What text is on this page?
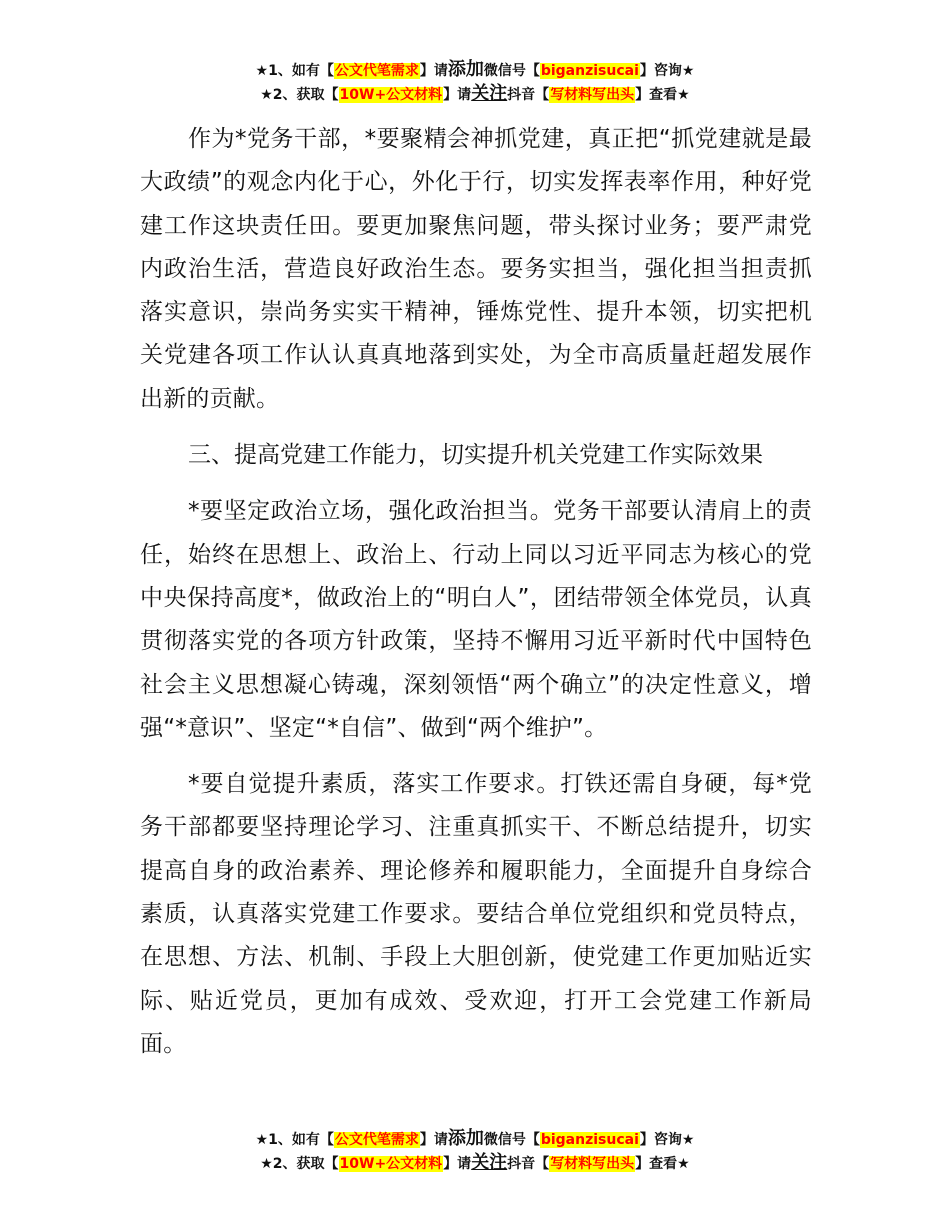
★1、如有【公文代笔需求】请添加微信号【biganzisucai】咨询★
★2、获取【10W+公文材料】请关注抖音【写材料写出头】查看★

作为*党务干部，*要聚精会神抓党建，真正把“抓党建就是最大政绩”的观念内化于心，外化于行，切实发挥表率作用，种好党建工作这块责任田。要更加聚焦问题，带头探讨业务；要严肃党内政治生活，营造良好政治生态。要务实担当，强化担当担责抓落实意识，崇尚务实实干精神，锤炼党性、提升本领，切实把机关党建各项工作认认真真地落到实处，为全市高质量赶超发展作出新的贡献。

三、提高党建工作能力，切实提升机关党建工作实际效果

*要坚定政治立场，强化政治担当。党务干部要认清肩上的责任，始终在思想上、政治上、行动上同以习近平同志为核心的党中央保持高度*，做政治上的“明白人”，团结带领全体党员，认真贯彻落实党的各项方针政策，坚持不懈用习近平新时代中国特色社会主义思想凝心铸魂，深刻领悟“两个确立”的决定性意义，增强“*意识”、坚定“*自信”、做到“两个维护”。

*要自觉提升素质，落实工作要求。打铁还需自身硬，每*党务干部都要坚持理论学习、注重真抓实干、不断总结提升，切实提高自身的政治素养、理论修养和履职能力，全面提升自身综合素质，认真落实党建工作要求。要结合单位党组织和党员特点，在思想、方法、机制、手段上大胆创新，使党建工作更加贴近实际、贴近党员，更加有成效、受欢迎，打开工会党建工作新局面。

★1、如有【公文代笔需求】请添加微信号【biganzisucai】咨询★
★2、获取【10W+公文材料】请关注抖音【写材料写出头】查看★
